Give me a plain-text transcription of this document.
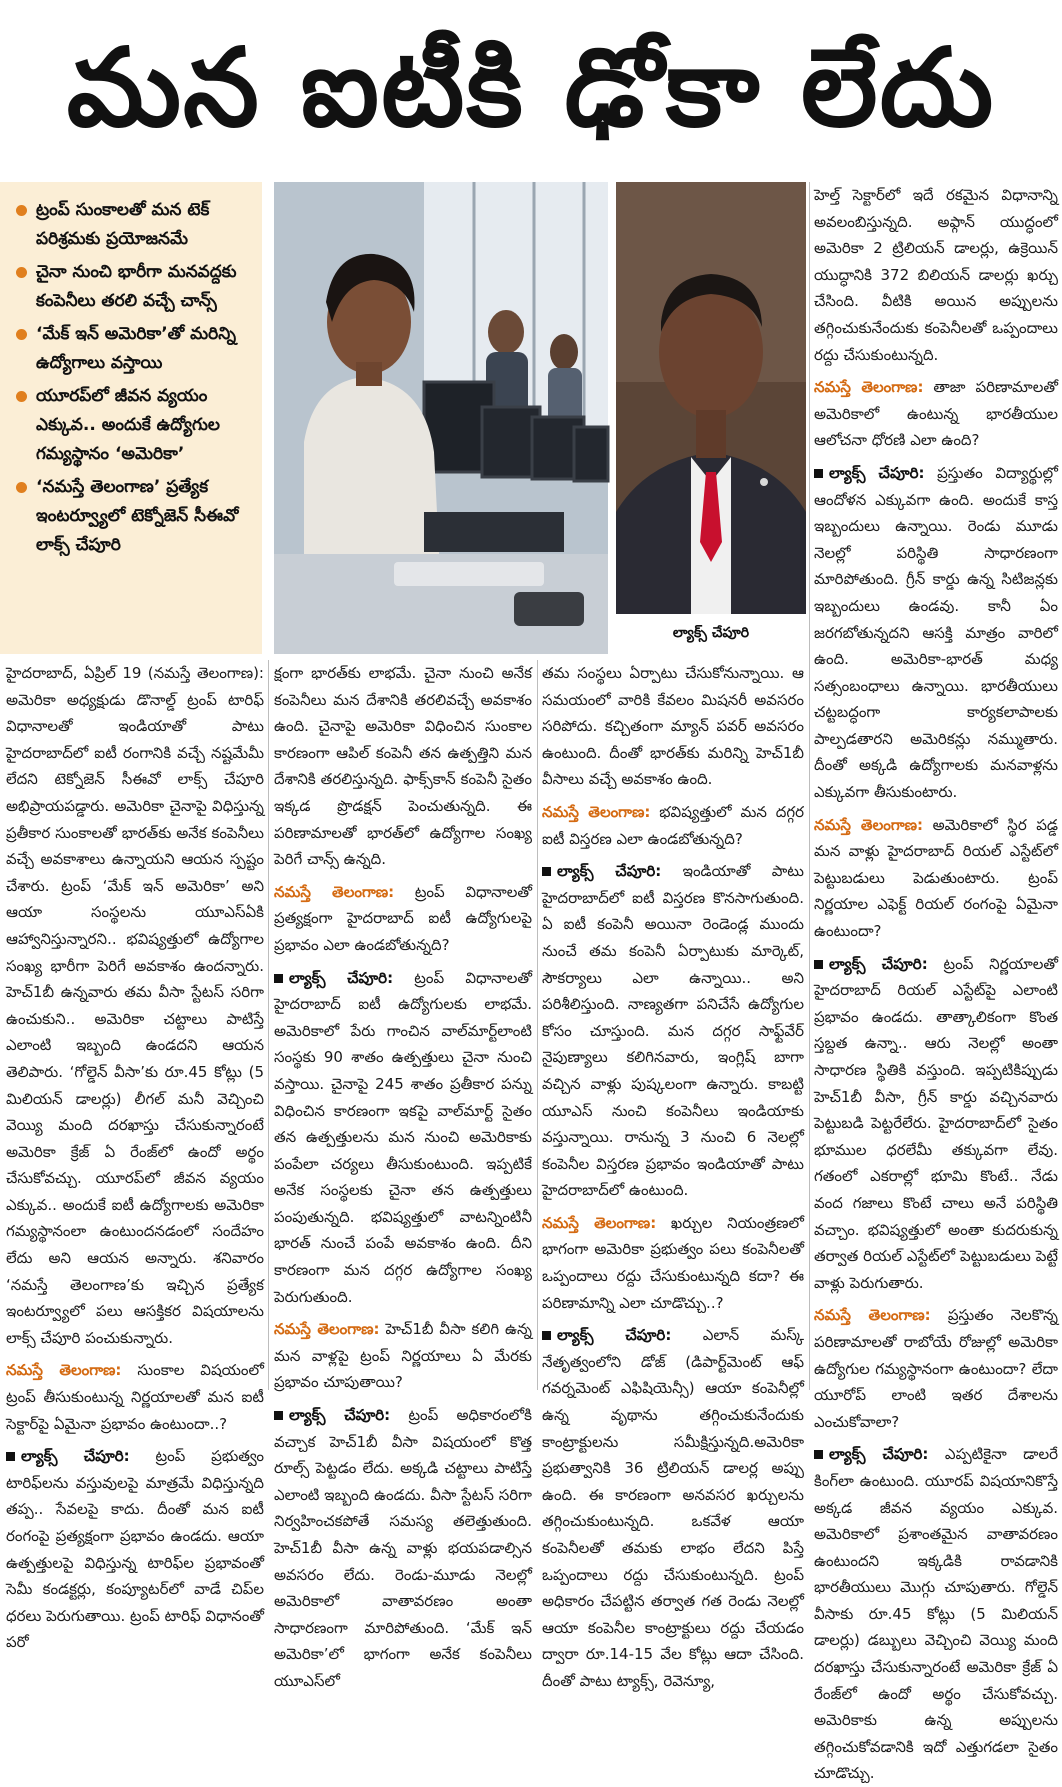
మన ఐటీకి ఢోకా లేదు
ట్రంప్ సుంకాలతో మన టెక్ పరిశ్రమకు ప్రయోజనమే
చైనా నుంచి భారీగా మనవద్దకు కంపెనీలు తరలి వచ్చే చాన్స్
‘మేక్ ఇన్ అమెరికా’తో మరిన్ని ఉద్యోగాలు వస్తాయి
యూరప్‌లో జీవన వ్యయం ఎక్కువ.. అందుకే ఉద్యోగుల గమ్యస్థానం ‘అమెరికా’
‘నమస్తే తెలంగాణ’ ప్రత్యేక ఇంటర్వ్యూలో టెక్నోజెన్ సీఈవో లాక్స్ చేపూరి
ల్యాక్స్ చేపూరి

హైదరాబాద్, ఏప్రిల్ 19 (నమస్తే తెలంగాణ): అమెరికా అధ్యక్షుడు డొనాల్డ్ ట్రంప్ టారిఫ్ విధానాలతో ఇండియాతో పాటు హైదరాబాద్‌లో ఐటీ రంగానికి వచ్చే నష్టమేమీ లేదని టెక్నోజెన్ సీఈవో లాక్స్ చేపూరి అభిప్రాయపడ్డారు. అమెరికా చైనాపై విధిస్తున్న ప్రతీకార సుంకాలతో భారత్‌కు అనేక కంపెనీలు వచ్చే అవకాశాలు ఉన్నాయని ఆయన స్పష్టం చేశారు. ట్రంప్ ‘మేక్ ఇన్ అమెరికా’ అని ఆయా సంస్థలను యూఎస్‌ఏకి ఆహ్వానిస్తున్నారని.. భవిష్యత్తులో ఉద్యోగాల సంఖ్య భారీగా పెరిగే అవకాశం ఉందన్నారు. హెచ్1బీ ఉన్నవారు తమ వీసా స్టేటస్ సరిగా ఉంచుకుని.. అమెరికా చట్టాలు పాటిస్తే ఎలాంటి ఇబ్బంది ఉండదని ఆయన తెలిపారు. ‘గోల్డెన్ వీసా’కు రూ.45 కోట్లు (5 మిలియన్ డాలర్లు) లీగల్ మనీ వెచ్చించి వెయ్యి మంది దరఖాస్తు చేసుకున్నారంటే అమెరికా క్రేజ్ ఏ రేంజ్‌లో ఉందో అర్థం చేసుకోవచ్చు. యూరప్‌లో జీవన వ్యయం ఎక్కువ.. అందుకే ఐటీ ఉద్యోగాలకు అమెరికా గమ్యస్థానంలా ఉంటుందనడంలో సందేహం లేదు అని ఆయన అన్నారు. శనివారం ‘నమస్తే తెలంగాణ’కు ఇచ్చిన ప్రత్యేక ఇంటర్వ్యూలో పలు ఆసక్తికర విషయాలను లాక్స్ చేపూరి పంచుకున్నారు.

నమస్తే తెలంగాణ: సుంకాల విషయంలో ట్రంప్ తీసుకుంటున్న నిర్ణయాలతో మన ఐటీ సెక్టార్‌పై ఏమైనా ప్రభావం ఉంటుందా..?

ల్యాక్స్ చేపూరి: ట్రంప్ ప్రభుత్వం టారిఫ్‌లను వస్తువులపై మాత్రమే విధిస్తున్నది తప్ప.. సేవలపై కాదు. దీంతో మన ఐటీ రంగంపై ప్రత్యక్షంగా ప్రభావం ఉండదు. ఆయా ఉత్పత్తులపై విధిస్తున్న టారిఫ్‌ల ప్రభావంతో సెమీ కండక్టర్లు, కంప్యూటర్‌లో వాడే చిప్‌ల ధరలు పెరుగుతాయి. ట్రంప్ టారిఫ్ విధానంతో పరో

క్షంగా భారత్‌కు లాభమే. చైనా నుంచి అనేక కంపెనీలు మన దేశానికి తరలివచ్చే అవకాశం ఉంది. చైనాపై అమెరికా విధించిన సుంకాల కారణంగా ఆపిల్ కంపెనీ తన ఉత్పత్తిని మన దేశానికి తరలిస్తున్నది. ఫాక్స్‌కాన్ కంపెనీ సైతం ఇక్కడ ప్రొడక్షన్ పెంచుతున్నది. ఈ పరిణామాలతో భారత్‌లో ఉద్యోగాల సంఖ్య పెరిగే చాన్స్ ఉన్నది.

నమస్తే తెలంగాణ: ట్రంప్ విధానాలతో ప్రత్యక్షంగా హైదరాబాద్ ఐటీ ఉద్యోగులపై ప్రభావం ఎలా ఉండబోతున్నది?

ల్యాక్స్ చేపూరి: ట్రంప్ విధానాలతో హైదరాబాద్ ఐటీ ఉద్యోగులకు లాభమే. అమెరికాలో పేరు గాంచిన వాల్‌మార్ట్‌లాంటి సంస్థకు 90 శాతం ఉత్పత్తులు చైనా నుంచి వస్తాయి. చైనాపై 245 శాతం ప్రతీకార పన్ను విధించిన కారణంగా ఇకపై వాల్‌మార్ట్ సైతం తన ఉత్పత్తులను మన నుంచి అమెరికాకు పంపేలా చర్యలు తీసుకుంటుంది. ఇప్పటికే అనేక సంస్థలకు చైనా తన ఉత్పత్తులు పంపుతున్నది. భవిష్యత్తులో వాటన్నింటినీ భారత్ నుంచే పంపే అవకాశం ఉంది. దీని కారణంగా మన దగ్గర ఉద్యోగాల సంఖ్య పెరుగుతుంది.

నమస్తే తెలంగాణ: హెచ్1బీ వీసా కలిగి ఉన్న మన వాళ్లపై ట్రంప్ నిర్ణయాలు ఏ మేరకు ప్రభావం చూపుతాయి?

ల్యాక్స్ చేపూరి: ట్రంప్ అధికారంలోకి వచ్చాక హెచ్1బీ వీసా విషయంలో కొత్త రూల్స్ పెట్టడం లేదు. అక్కడి చట్టాలు పాటిస్తే ఎలాంటి ఇబ్బంది ఉండదు. వీసా స్టేటస్ సరిగా నిర్వహించకపోతే సమస్య తలెత్తుతుంది. హెచ్1బీ వీసా ఉన్న వాళ్లు భయపడాల్సిన అవసరం లేదు. రెండు-మూడు నెలల్లో అమెరికాలో వాతావరణం అంతా సాధారణంగా మారిపోతుంది. ‘మేక్ ఇన్ అమెరికా’లో భాగంగా అనేక కంపెనీలు యూఎస్‌లో

తమ సంస్థలు ఏర్పాటు చేసుకోనున్నాయి. ఆ సమయంలో వారికి కేవలం మిషనరీ అవసరం సరిపోదు. కచ్చితంగా మ్యాన్ పవర్ అవసరం ఉంటుంది. దీంతో భారత్‌కు మరిన్ని హెచ్1బీ వీసాలు వచ్చే అవకాశం ఉంది.

నమస్తే తెలంగాణ: భవిష్యత్తులో మన దగ్గర ఐటీ విస్తరణ ఎలా ఉండబోతున్నది?

ల్యాక్స్ చేపూరి: ఇండియాతో పాటు హైదరాబాద్‌లో ఐటీ విస్తరణ కొనసాగుతుంది. ఏ ఐటీ కంపెనీ అయినా రెండెండ్ల ముందు నుంచే తమ కంపెనీ ఏర్పాటుకు మార్కెట్, సౌకర్యాలు ఎలా ఉన్నాయి.. అని పరిశీలిస్తుంది. నాణ్యతగా పనిచేసే ఉద్యోగుల కోసం చూస్తుంది. మన దగ్గర సాఫ్ట్‌వేర్ నైపుణ్యాలు కలిగినవారు, ఇంగ్లిష్ బాగా వచ్చిన వాళ్లు పుష్కలంగా ఉన్నారు. కాబట్టి యూఎస్ నుంచి కంపెనీలు ఇండియాకు వస్తున్నాయి. రానున్న 3 నుంచి 6 నెలల్లో కంపెనీల విస్తరణ ప్రభావం ఇండియాతో పాటు హైదరాబాద్‌లో ఉంటుంది.

నమస్తే తెలంగాణ: ఖర్చుల నియంత్రణలో భాగంగా అమెరికా ప్రభుత్వం పలు కంపెనీలతో ఒప్పందాలు రద్దు చేసుకుంటున్నది కదా? ఈ పరిణామాన్ని ఎలా చూడొచ్చు..?

ల్యాక్స్ చేపూరి: ఎలాన్ మస్క్ నేతృత్వంలోని డోజ్ (డిపార్ట్‌మెంట్ ఆఫ్ గవర్నమెంట్ ఎఫిషియెన్సీ) ఆయా కంపెనీల్లో ఉన్న వృథాను తగ్గించుకునేందుకు కాంట్రాక్టులను సమీక్షిస్తున్నది.అమెరికా ప్రభుత్వానికి 36 ట్రిలియన్ డాలర్ల అప్పు ఉంది. ఈ కారణంగా అనవసర ఖర్చులను తగ్గించుకుంటున్నది. ఒకవేళ ఆయా కంపెనీలతో తమకు లాభం లేదని పిస్తే ఒప్పందాలు రద్దు చేసుకుంటున్నది. ట్రంప్ అధికారం చేపట్టిన తర్వాత గత రెండు నెలల్లో ఆయా కంపెనీల కాంట్రాక్టులు రద్దు చేయడం ద్వారా రూ.14-15 వేల కోట్లు ఆదా చేసింది. దీంతో పాటు ట్యాక్స్, రెవెన్యూ,

హెల్త్ సెక్టార్‌లో ఇదే రకమైన విధానాన్ని అవలంబిస్తున్నది. అఫ్గాన్ యుద్ధంలో అమెరికా 2 ట్రిలియన్ డాలర్లు, ఉక్రెయిన్ యుద్ధానికి 372 బిలియన్ డాలర్లు ఖర్చు చేసింది. వీటికి అయిన అప్పులను తగ్గించుకునేందుకు కంపెనీలతో ఒప్పందాలు రద్దు చేసుకుంటున్నది.

నమస్తే తెలంగాణ: తాజా పరిణామాలతో అమెరికాలో ఉంటున్న భారతీయుల ఆలోచనా ధోరణి ఎలా ఉంది?

ల్యాక్స్ చేపూరి: ప్రస్తుతం విద్యార్థుల్లో ఆందోళన ఎక్కువగా ఉంది. అందుకే కాస్త ఇబ్బందులు ఉన్నాయి. రెండు మూడు నెలల్లో పరిస్థితి సాధారణంగా మారిపోతుంది. గ్రీన్ కార్డు ఉన్న సిటిజన్లకు ఇబ్బందులు ఉండవు. కానీ ఏం జరగబోతున్నదని ఆసక్తి మాత్రం వారిలో ఉంది. అమెరికా-భారత్ మధ్య సత్సంబంధాలు ఉన్నాయి. భారతీయులు చట్టబద్ధంగా కార్యకలాపాలకు పాల్పడతారని అమెరికన్లు నమ్ముతారు. దీంతో అక్కడి ఉద్యోగాలకు మనవాళ్లను ఎక్కువగా తీసుకుంటారు.

నమస్తే తెలంగాణ: అమెరికాలో స్థిర పడ్డ మన వాళ్లు హైదరాబాద్ రియల్ ఎస్టేట్‌లో పెట్టుబడులు పెడుతుంటారు. ట్రంప్ నిర్ణయాల ఎఫెక్ట్ రియల్ రంగంపై ఏమైనా ఉంటుందా?

ల్యాక్స్ చేపూరి: ట్రంప్ నిర్ణయాలతో హైదరాబాద్ రియల్ ఎస్టేట్‌పై ఎలాంటి ప్రభావం ఉండదు. తాత్కాలికంగా కొంత స్తబ్దత ఉన్నా.. ఆరు నెలల్లో అంతా సాధారణ స్థితికి వస్తుంది. ఇప్పటికిప్పుడు హెచ్1బీ వీసా, గ్రీన్ కార్డు వచ్చినవారు పెట్టుబడి పెట్టరేలేరు. హైదరాబాద్‌లో సైతం భూముల ధరలేమీ తక్కువగా లేవు. గతంలో ఎకరాల్లో భూమి కొంటే.. నేడు వంద గజాలు కొంటే చాలు అనే పరిస్థితి వచ్చాం. భవిష్యత్తులో అంతా కుదరుకున్న తర్వాత రియల్ ఎస్టేట్‌లో పెట్టుబడులు పెట్టే వాళ్లు పెరుగుతారు.

నమస్తే తెలంగాణ: ప్రస్తుతం నెలకొన్న పరిణామాలతో రాబోయే రోజుల్లో అమెరికా ఉద్యోగుల గమ్యస్థానంగా ఉంటుందా? లేదా యూరోప్ లాంటి ఇతర దేశాలను ఎంచుకోవాలా?

ల్యాక్స్ చేపూరి: ఎప్పటికైనా డాలరే కింగ్‌లా ఉంటుంది. యూరప్ విషయానికొస్తే అక్కడ జీవన వ్యయం ఎక్కువ. అమెరికాలో ప్రశాంతమైన వాతావరణం ఉంటుందని ఇక్కడికి రావడానికి భారతీయులు మొగ్గు చూపుతారు. గోల్డెన్ వీసాకు రూ.45 కోట్లు (5 మిలియన్ డాలర్లు) డబ్బులు వెచ్చించి వెయ్యి మంది దరఖాస్తు చేసుకున్నారంటే అమెరికా క్రేజ్ ఏ రేంజ్‌లో ఉందో అర్థం చేసుకోవచ్చు. అమెరికాకు ఉన్న అప్పులను తగ్గించుకోవడానికి ఇదో ఎత్తుగడలా సైతం చూడొచ్చు.
